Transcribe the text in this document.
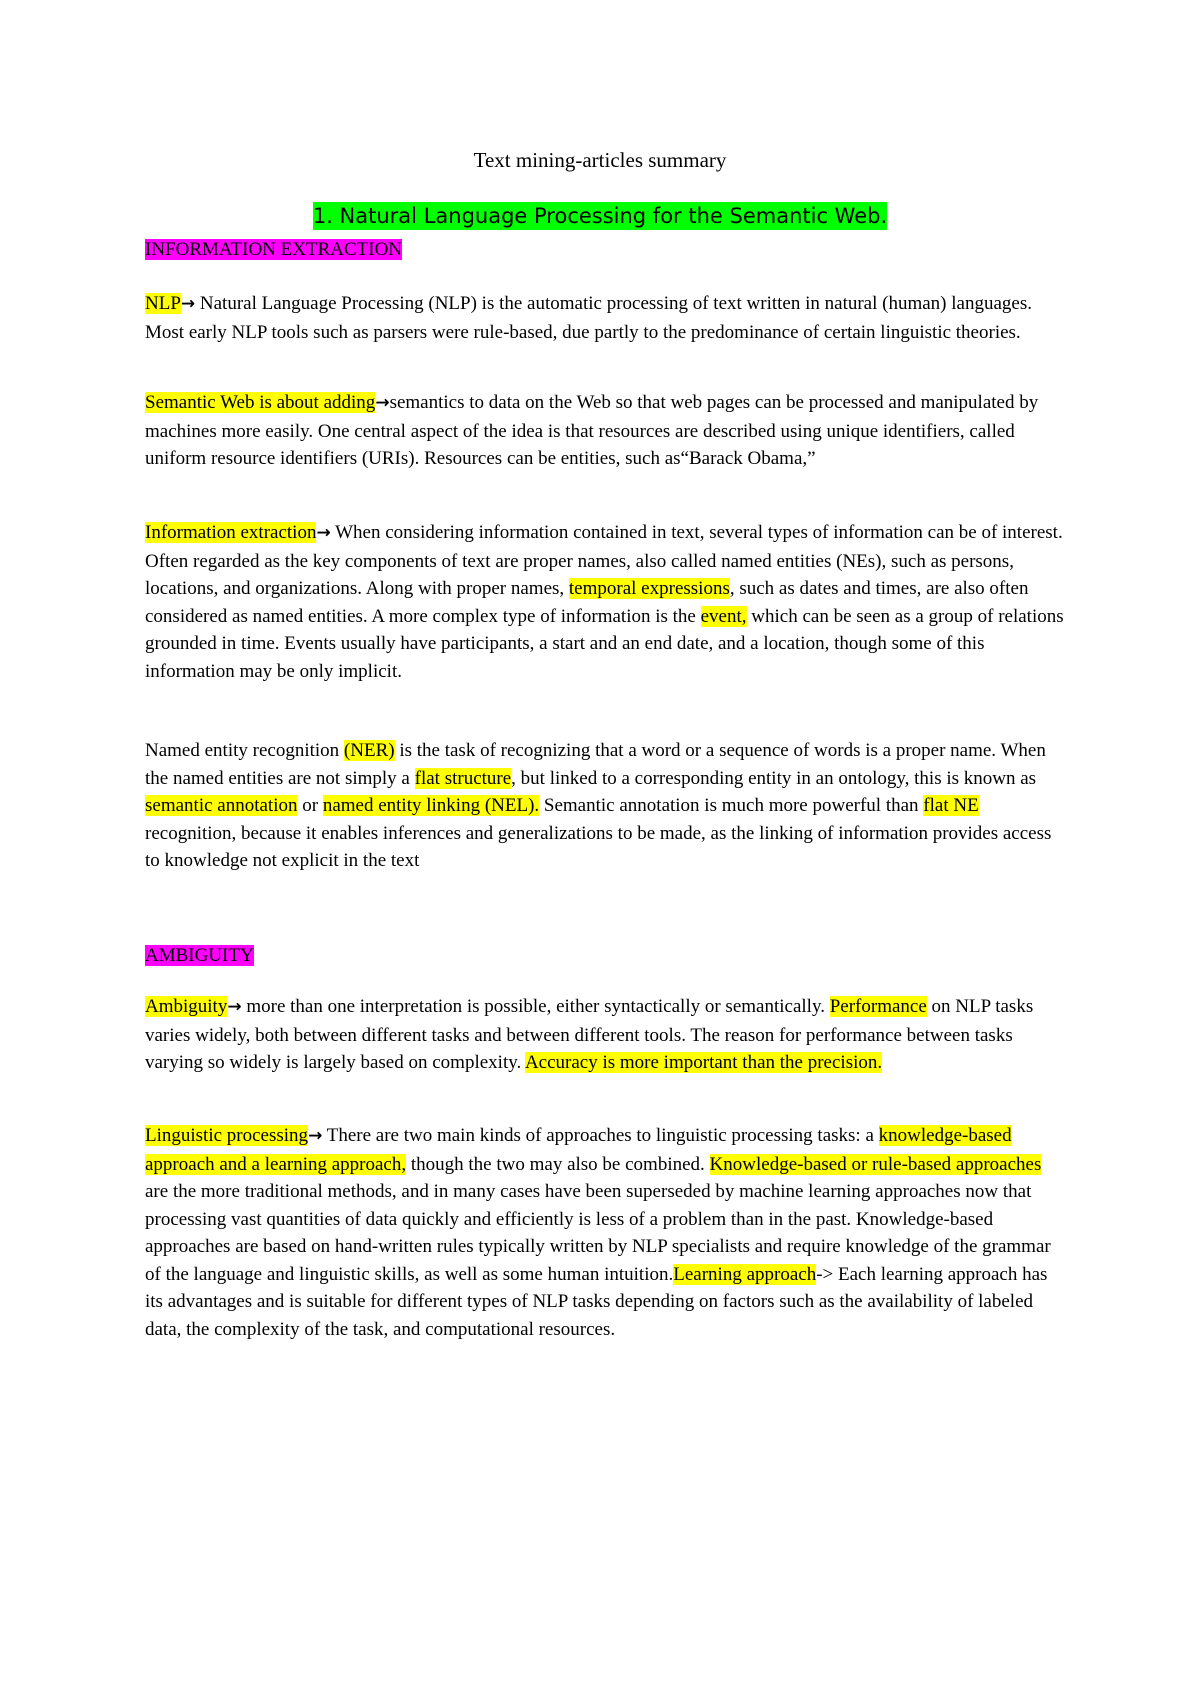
Text mining-articles summary
1. Natural Language Processing for the Semantic Web.

INFORMATION EXTRACTION

NLP→ Natural Language Processing (NLP) is the automatic processing of text written in natural (human) languages. Most early NLP tools such as parsers were rule-based, due partly to the predominance of certain linguistic theories.

Semantic Web is about adding→semantics to data on the Web so that web pages can be processed and manipulated by machines more easily. One central aspect of the idea is that resources are described using unique identifiers, called uniform resource identifiers (URIs). Resources can be entities, such as“Barack Obama,”

Information extraction→ When considering information contained in text, several types of information can be of interest. Often regarded as the key components of text are proper names, also called named entities (NEs), such as persons, locations, and organizations. Along with proper names, temporal expressions, such as dates and times, are also often considered as named entities. A more complex type of information is the event, which can be seen as a group of relations grounded in time. Events usually have participants, a start and an end date, and a location, though some of this information may be only implicit.

Named entity recognition (NER) is the task of recognizing that a word or a sequence of words is a proper name. When the named entities are not simply a flat structure, but linked to a corresponding entity in an ontology, this is known as semantic annotation or named entity linking (NEL). Semantic annotation is much more powerful than flat NE recognition, because it enables inferences and generalizations to be made, as the linking of information provides access to knowledge not explicit in the text

AMBIGUITY

Ambiguity→ more than one interpretation is possible, either syntactically or semantically. Performance on NLP tasks varies widely, both between different tasks and between different tools. The reason for performance between tasks varying so widely is largely based on complexity. Accuracy is more important than the precision.

Linguistic processing→ There are two main kinds of approaches to linguistic processing tasks: a knowledge-based approach and a learning approach, though the two may also be combined. Knowledge-based or rule-based approaches are the more traditional methods, and in many cases have been superseded by machine learning approaches now that processing vast quantities of data quickly and efficiently is less of a problem than in the past. Knowledge-based approaches are based on hand-written rules typically written by NLP specialists and require knowledge of the grammar of the language and linguistic skills, as well as some human intuition.Learning approach-> Each learning approach has its advantages and is suitable for different types of NLP tasks depending on factors such as the availability of labeled data, the complexity of the task, and computational resources.
